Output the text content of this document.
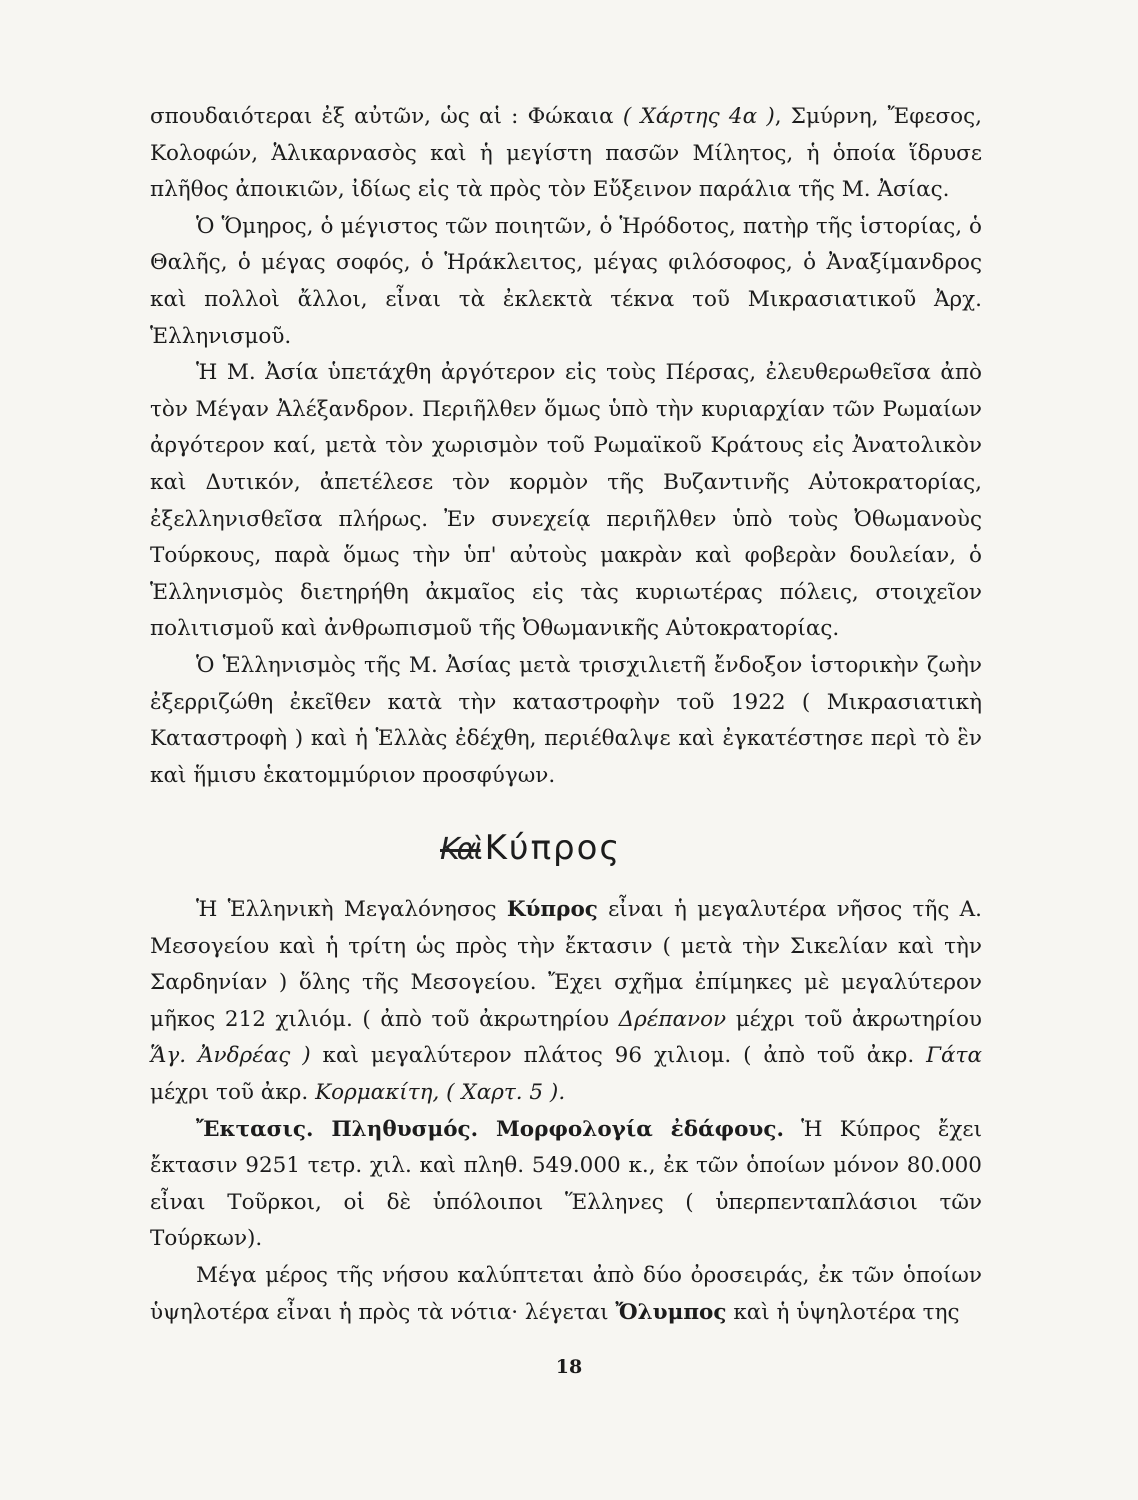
σπουδαιότεραι ἐξ αὐτῶν, ὡς αἱ : Φώκαια ( Χάρτης 4α ), Σμύρνη, Ἔφεσος, Κολοφών, Ἁλικαρνασὸς καὶ ἡ μεγίστη πασῶν Μίλητος, ἡ ὁποία ἵδρυσε πλῆθος ἀποικιῶν, ἰδίως εἰς τὰ πρὸς τὸν Εὔξεινον παράλια τῆς Μ. Ἀσίας.

Ὁ Ὅμηρος, ὁ μέγιστος τῶν ποιητῶν, ὁ Ἡρόδοτος, πατὴρ τῆς ἱστορίας, ὁ Θαλῆς, ὁ μέγας σοφός, ὁ Ἡράκλειτος, μέγας φιλόσοφος, ὁ Ἀναξίμανδρος καὶ πολλοὶ ἄλλοι, εἶναι τὰ ἐκλεκτὰ τέκνα τοῦ Μικρασιατικοῦ Ἀρχ. Ἑλληνισμοῦ.

Ἡ Μ. Ἀσία ὑπετάχθη ἀργότερον εἰς τοὺς Πέρσας, ἐλευθερωθεῖσα ἀπὸ τὸν Μέγαν Ἀλέξανδρον. Περιῆλθεν ὅμως ὑπὸ τὴν κυριαρχίαν τῶν Ρωμαίων ἀργότερον καί, μετὰ τὸν χωρισμὸν τοῦ Ρωμαϊκοῦ Κράτους εἰς Ἀνατολικὸν καὶ Δυτικόν, ἀπετέλεσε τὸν κορμὸν τῆς Βυζαντινῆς Αὐτοκρατορίας, ἐξελληνισθεῖσα πλήρως. Ἐν συνεχείᾳ περιῆλθεν ὑπὸ τοὺς Ὀθωμανοὺς Τούρκους, παρὰ ὅμως τὴν ὑπ' αὐτοὺς μακρὰν καὶ φοβερὰν δουλείαν, ὁ Ἑλληνισμὸς διετηρήθη ἀκμαῖος εἰς τὰς κυριωτέρας πόλεις, στοιχεῖον πολιτισμοῦ καὶ ἀνθρωπισμοῦ τῆς Ὀθωμανικῆς Αὐτοκρατορίας.

Ὁ Ἑλληνισμὸς τῆς Μ. Ἀσίας μετὰ τρισχιλιετῆ ἔνδοξον ἱστορικὴν ζωὴν ἐξερριζώθη ἐκεῖθεν κατὰ τὴν καταστροφὴν τοῦ 1922 ( Μικρασιατικὴ Καταστροφὴ ) καὶ ἡ Ἑλλὰς ἐδέχθη, περιέθαλψε καὶ ἐγκατέστησε περὶ τὸ ἓν καὶ ἥμισυ ἑκατομμύριον προσφύγων.

Καὶ Κύπρος

Ἡ Ἑλληνικὴ Μεγαλόνησος Κύπρος εἶναι ἡ μεγαλυτέρα νῆσος τῆς Α. Μεσογείου καὶ ἡ τρίτη ὡς πρὸς τὴν ἔκτασιν ( μετὰ τὴν Σικελίαν καὶ τὴν Σαρδηνίαν ) ὅλης τῆς Μεσογείου. Ἔχει σχῆμα ἐπίμηκες μὲ μεγαλύτερον μῆκος 212 χιλιόμ. ( ἀπὸ τοῦ ἀκρωτηρίου Δρέπανον μέχρι τοῦ ἀκρωτηρίου Ἅγ. Ἀνδρέας ) καὶ μεγαλύτερον πλάτος 96 χιλιομ. ( ἀπὸ τοῦ ἀκρ. Γάτα μέχρι τοῦ ἀκρ. Κορμακίτη, ( Χαρτ. 5 ).

Ἔκτασις. Πληθυσμός. Μορφολογία ἐδάφους. Ἡ Κύπρος ἔχει ἔκτασιν 9251 τετρ. χιλ. καὶ πληθ. 549.000 κ., ἐκ τῶν ὁποίων μόνον 80.000 εἶναι Τοῦρκοι, οἱ δὲ ὑπόλοιποι Ἕλληνες ( ὑπερπενταπλάσιοι τῶν Τούρκων).

Μέγα μέρος τῆς νήσου καλύπτεται ἀπὸ δύο ὀροσειράς, ἐκ τῶν ὁποίων ὑψηλοτέρα εἶναι ἡ πρὸς τὰ νότια· λέγεται Ὄλυμπος καὶ ἡ ὑψηλοτέρα της

18
